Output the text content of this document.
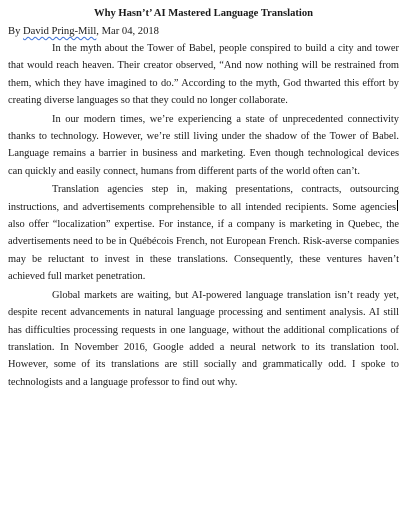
Why Hasn’t’ AI Mastered Language Translation
By David Pring-Mill, Mar 04, 2018

In the myth about the Tower of Babel, people conspired to build a city and tower that would reach heaven. Their creator observed, “And now nothing will be restrained from them, which they have imagined to do.” According to the myth, God thwarted this effort by creating diverse languages so that they could no longer collaborate.

In our modern times, we’re experiencing a state of unprecedented connectivity thanks to technology. However, we’re still living under the shadow of the Tower of Babel. Language remains a barrier in business and marketing. Even though technological devices can quickly and easily connect, humans from different parts of the world often can’t.

Translation agencies step in, making presentations, contracts, outsourcing instructions, and advertisements comprehensible to all intended recipients. Some agenciesalso offer “localization” expertise. For instance, if a company is marketing in Quebec, the advertisements need to be in Québécois French, not European French. Risk-averse companies may be reluctant to invest in these translations. Consequently, these ventures haven’t achieved full market penetration.

Global markets are waiting, but AI-powered language translation isn’t ready yet, despite recent advancements in natural language processing and sentiment analysis. AI still has difficulties processing requests in one language, without the additional complications of translation. In November 2016, Google added a neural network to its translation tool. However, some of its translations are still socially and grammatically odd. I spoke to technologists and a language professor to find out why.
